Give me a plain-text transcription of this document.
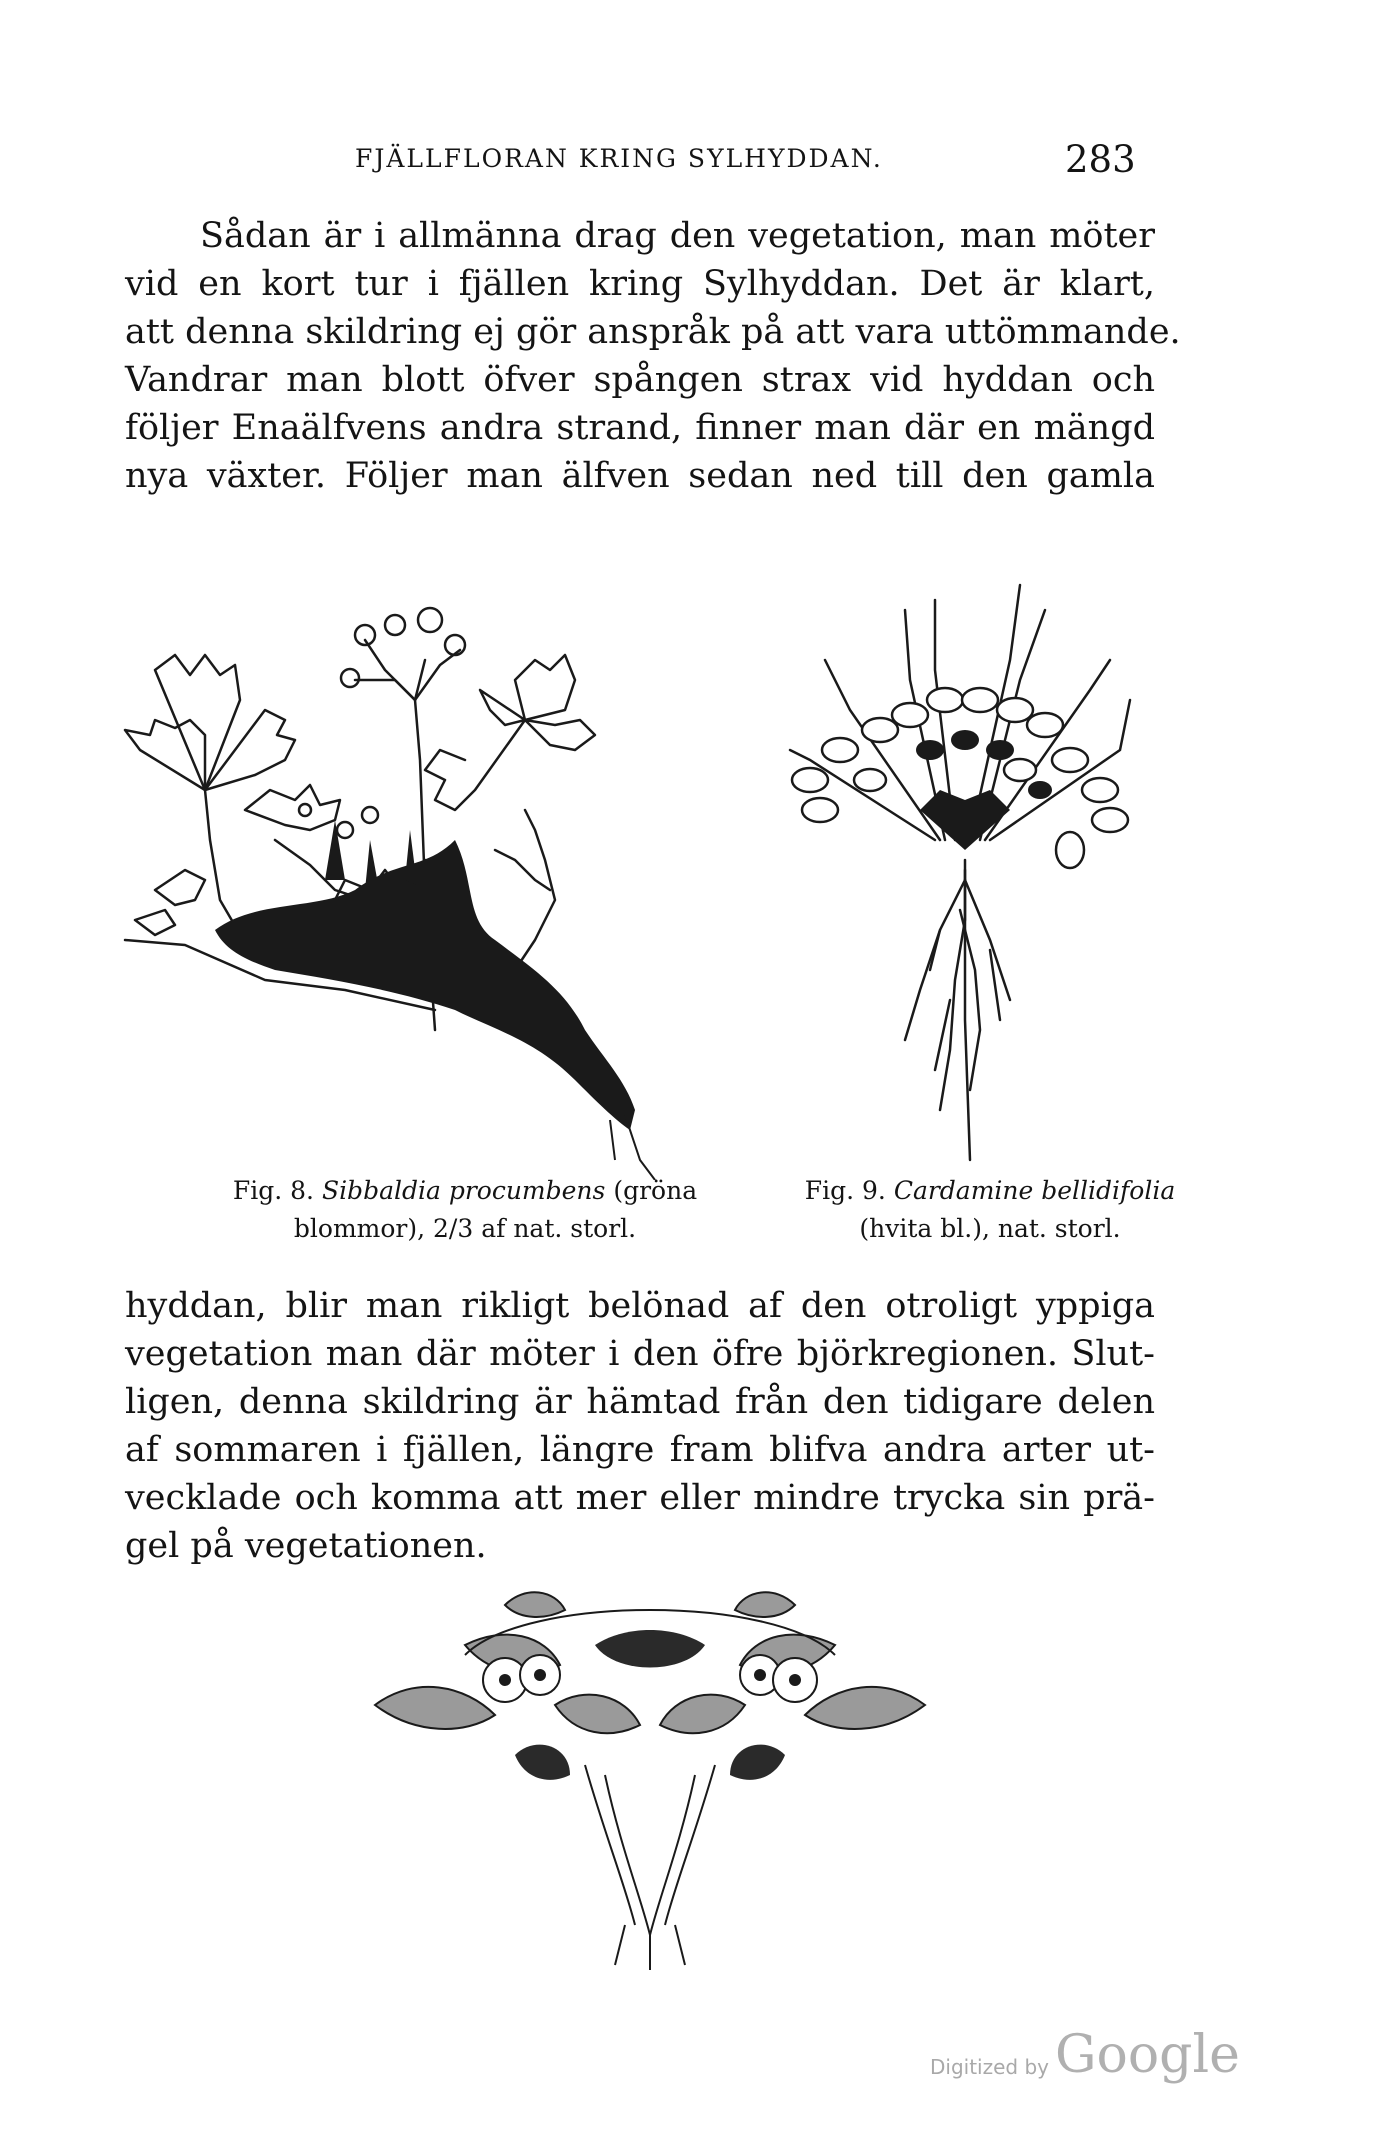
FJÄLLFLORAN KRING SYLHYDDAN.	283
Sådan är i allmänna drag den vegetation, man möter
vid en kort tur i fjällen kring Sylhyddan. Det är klart,
att denna skildring ej gör anspråk på att vara uttömmande.
Vandrar man blott öfver spången strax vid hyddan och
följer Enaälfvens andra strand, finner man där en mängd
nya växter. Följer man älfven sedan ned till den gamla
Fig. 8. Sibbaldia procumbens (gröna
blommor), 2/3 af nat. storl.
Fig. 9. Cardamine bellidifolia
(hvita bl.), nat. storl.
hyddan, blir man rikligt belönad af den otroligt yppiga
vegetation man där möter i den öfre björkregionen. Slut-
ligen, denna skildring är hämtad från den tidigare delen
af sommaren i fjällen, längre fram blifva andra arter ut-
vecklade och komma att mer eller mindre trycka sin prä-
gel på vegetationen.
Digitized by Google
